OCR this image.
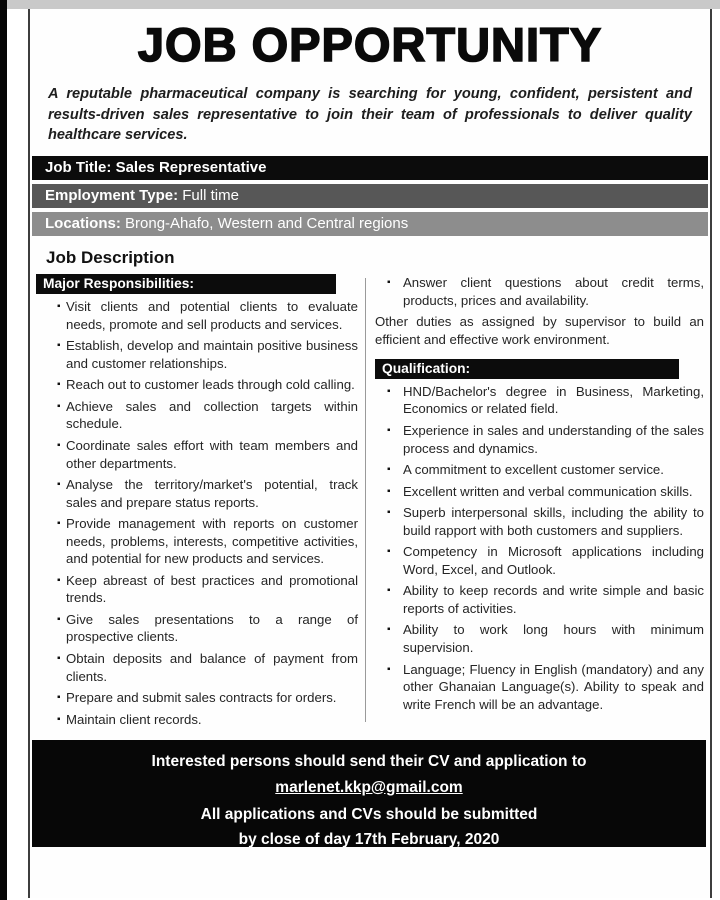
JOB OPPORTUNITY

A reputable pharmaceutical company is searching for young, confident, persistent and results-driven sales representative to join their team of professionals to deliver quality healthcare services.

Job Title: Sales Representative
Employment Type: Full time
Locations: Brong-Ahafo, Western and Central regions
Job Description
Major Responsibilities:
▪ Visit clients and potential clients to evaluate needs, promote and sell products and services.
▪ Establish, develop and maintain positive business and customer relationships.
▪ Reach out to customer leads through cold calling.
▪ Achieve sales and collection targets within schedule.
▪ Coordinate sales effort with team members and other departments.
▪ Analyse the territory/market's potential, track sales and prepare status reports.
▪ Provide management with reports on customer needs, problems, interests, competitive activities, and potential for new products and services.
▪ Keep abreast of best practices and promotional trends.
▪ Give sales presentations to a range of prospective clients.
▪ Obtain deposits and balance of payment from clients.
▪ Prepare and submit sales contracts for orders.
▪ Maintain client records.
▪ Answer client questions about credit terms, products, prices and availability.

Other duties as assigned by supervisor to build an efficient and effective work environment.

Qualification:
▪ HND/Bachelor's degree in Business, Marketing, Economics or related field.
▪ Experience in sales and understanding of the sales process and dynamics.
▪ A commitment to excellent customer service.
▪ Excellent written and verbal communication skills.
▪ Superb interpersonal skills, including the ability to build rapport with both customers and suppliers.
▪ Competency in Microsoft applications including Word, Excel, and Outlook.
▪ Ability to keep records and write simple and basic reports of activities.
▪ Ability to work long hours with minimum supervision.
▪ Language; Fluency in English (mandatory) and any other Ghanaian Language(s). Ability to speak and write French will be an advantage.
Interested persons should send their CV and application to
marlenet.kkp@gmail.com
All applications and CVs should be submitted
by close of day 17th February, 2020
